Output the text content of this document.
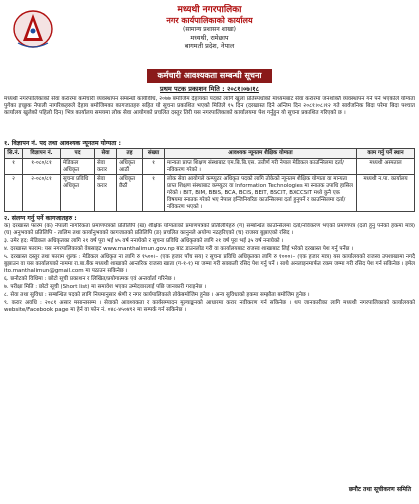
मध्यथी नगरपालिका
नगर कार्यपालिकाको कार्यालय
(सामान्य प्रशासन शाखा)
मध्यथी, रामेछाप
बागमती प्रदेश, नेपाल
कर्मचारी आवश्यकता सम्बन्धी सूचना
प्रथम पटक प्रकाशन मिति : २०८१।०७।१८
मध्यथी नगरपालिकाको सेवा करारमा कर्मचारी व्यवस्थापन सम्बन्धी कार्यविधि, २०७७ बमोजिम देहायका पदको लागि खुला प्रतिस्पर्धाको माध्यमबाट सेवा करारमा जनशक्ति व्यवस्थापन गर्न पर्ने भएकोले योग्यता पुगेका इच्छुक नेपाली नागरिकहरुले देहाय बमोजिमका कागजातहरु सहित यो सूचना प्रकाशित भएको मितिले १५ दिन (दरखास्त दिने अन्तिम दिन २०८१।०८।१२ गते सार्वजनिक बिदा परेमा बिदा पश्चात कार्यालय खुलेको पहिलो दिन) भित्र कार्यालय समयमा लोक सेवा आयोगको प्रचलित दस्तुर तिरी यस नगरपालिकाको कार्यालयमा पेश गर्नुहुन यो सूचना प्रकाशित गरिएको छ ।
१. विज्ञापन नं. पद तथा आवश्यक न्यूनतम योग्यता :
सि.नं.	विज्ञापन नं.	पद	सेवा	तह	संख्या	आवश्यक न्यूनतम शैक्षिक योग्यता	काम गर्नु पर्ने स्थान
१	१-०८०/८१	मेडिकल अधिकृत	सेवा करार	अधिकृत आठौं	१	मान्यता प्राप्त शिक्षण संस्थाबाट एम.बि.बि.एस. उत्तीर्ण गरी नेपाल मेडिकल काउन्सिलमा दर्ता/नविकरण गरेको ।	मध्यथी अस्पताल
२	२-०८०/८१	सूचना प्रविधि अधिकृत	सेवा करार	अधिकृत छैठौं	१	लोक सेवा आयोगले कम्प्युटर अधिकृत पदको लागि तोकेको न्यूनतम शैक्षिक योग्यता वा मान्यता प्राप्त शिक्षण संस्थाबाट कम्प्युटर वा Information Technologies मा स्नातक उपाधि हासिल गरेको । BIT, BIM, BBIS, BCA, BCIS, BEIT, BSCIT, BXCCSIT मध्ये कुनै एक विषयमा स्नातक गरेको भए नेपाल इन्जिनियरिङ काउन्सिलमा दर्ता हुनुपर्ने र काउन्सिलमा दर्ता/नविकरण भएको ।	मध्यथी न.पा. कार्यालय
२. संलग्न गर्नु पर्ने कागजातहरु :

क) दरखास्त फारम (क) नेपाली नागरिकता प्रमाणपत्रको प्रतिलिपि (ख) शैक्षिक योग्यताको प्रमाणपत्रको प्रतिलिपिहरु (ग) सम्बन्धित काउन्सिलमा दर्ता/नविकरण भएको प्रमाणपत्र (दर्ता हुनु पर्नेको हकमा मात्र) (घ) अनुभवको प्रतिलिपि - तालिम तथा कार्यानुभवको कागजातको प्रतिलिपि (ङ) प्रचलित कानुनले अयोग्य नठहरिएको (च) राजस्व बुझाएको रसिद ।

३. उमेर हद: मेडिकल अधिकृतका लागि २१ वर्ष पूरा भई ४५ वर्ष ननाघेको र सूचना प्रविधि अधिकृतको लागि २१ वर्ष पूरा भई ३५ वर्ष ननाघेको ।

४. दरखास्त फाराम: यस नगरपालिकाको वेबसाइट www.manthalimun.gov.np बाट डाउनलोड गरी वा कार्यालयबाट राजस्व शाखाबाट लिई भरेको दरखास्त पेश गर्नु पर्नेछ ।

५. दरखास्त दस्तुर तथा फाराम शुल्क : मेडिकल अधिकृत ना लागि रु १५००।– (एक हजार पाँच सय) र सूचना प्रविधि अधिकृतका लागि रु १०००।– (एक हजार मात्र) यस कार्यालयको राजस्व उपशाखामा नगदै बुझाउन वा यस कार्यालयको नाममा रा.बा.बैंक मध्यथी शाखाको आन्तरिक राजस्व खाता (ग-१-१) मा जम्मा गरी सक्कली रसिद पेश गर्नु पर्ने । साथै अनलाइनमार्फत रकम जम्मा गरी रसिद पेश गर्न सकिनेछ । इमेल ito.manthalimun@gmail.com मा पठाउन सकिनेछ ।

६. छनौटको विधिमा : छोटो सूची प्रकाशन र लिखित/प्रयोगात्मक एवं अन्तर्वार्ता गरिनेछ ।

७. परीक्षा मिति : छोटो सूची (Short list) मा समावेश भएका उम्मेदवारलाई पछि जानकारी गराइनेछ ।

८. सेवा तथा सुविधा : सम्बन्धित पदको लागि नियमानुसार श्रेणी र नगर कार्यपालिकाले तोकेबमोजिम हुनेछ । अन्य सुविधाको हकमा सम्झौता बमोजिम हुनेछ ।

९. करार अवधि : २०८१ असार मसान्तसम्म । सेवाको आवश्यकता र कार्यसम्पादन मूल्याङ्कनको आधारमा करार नवीकरण गर्न सकिनेछ । थप जानकारीका लागि मध्यथी नगरपालिकाको कार्यालयको website/Facebook page मा हेर्न वा फोन नं. ०४८-४५०४१२ मा सम्पर्क गर्न सकिनेछ ।

छनौट तथा सूचीकरण समिति
